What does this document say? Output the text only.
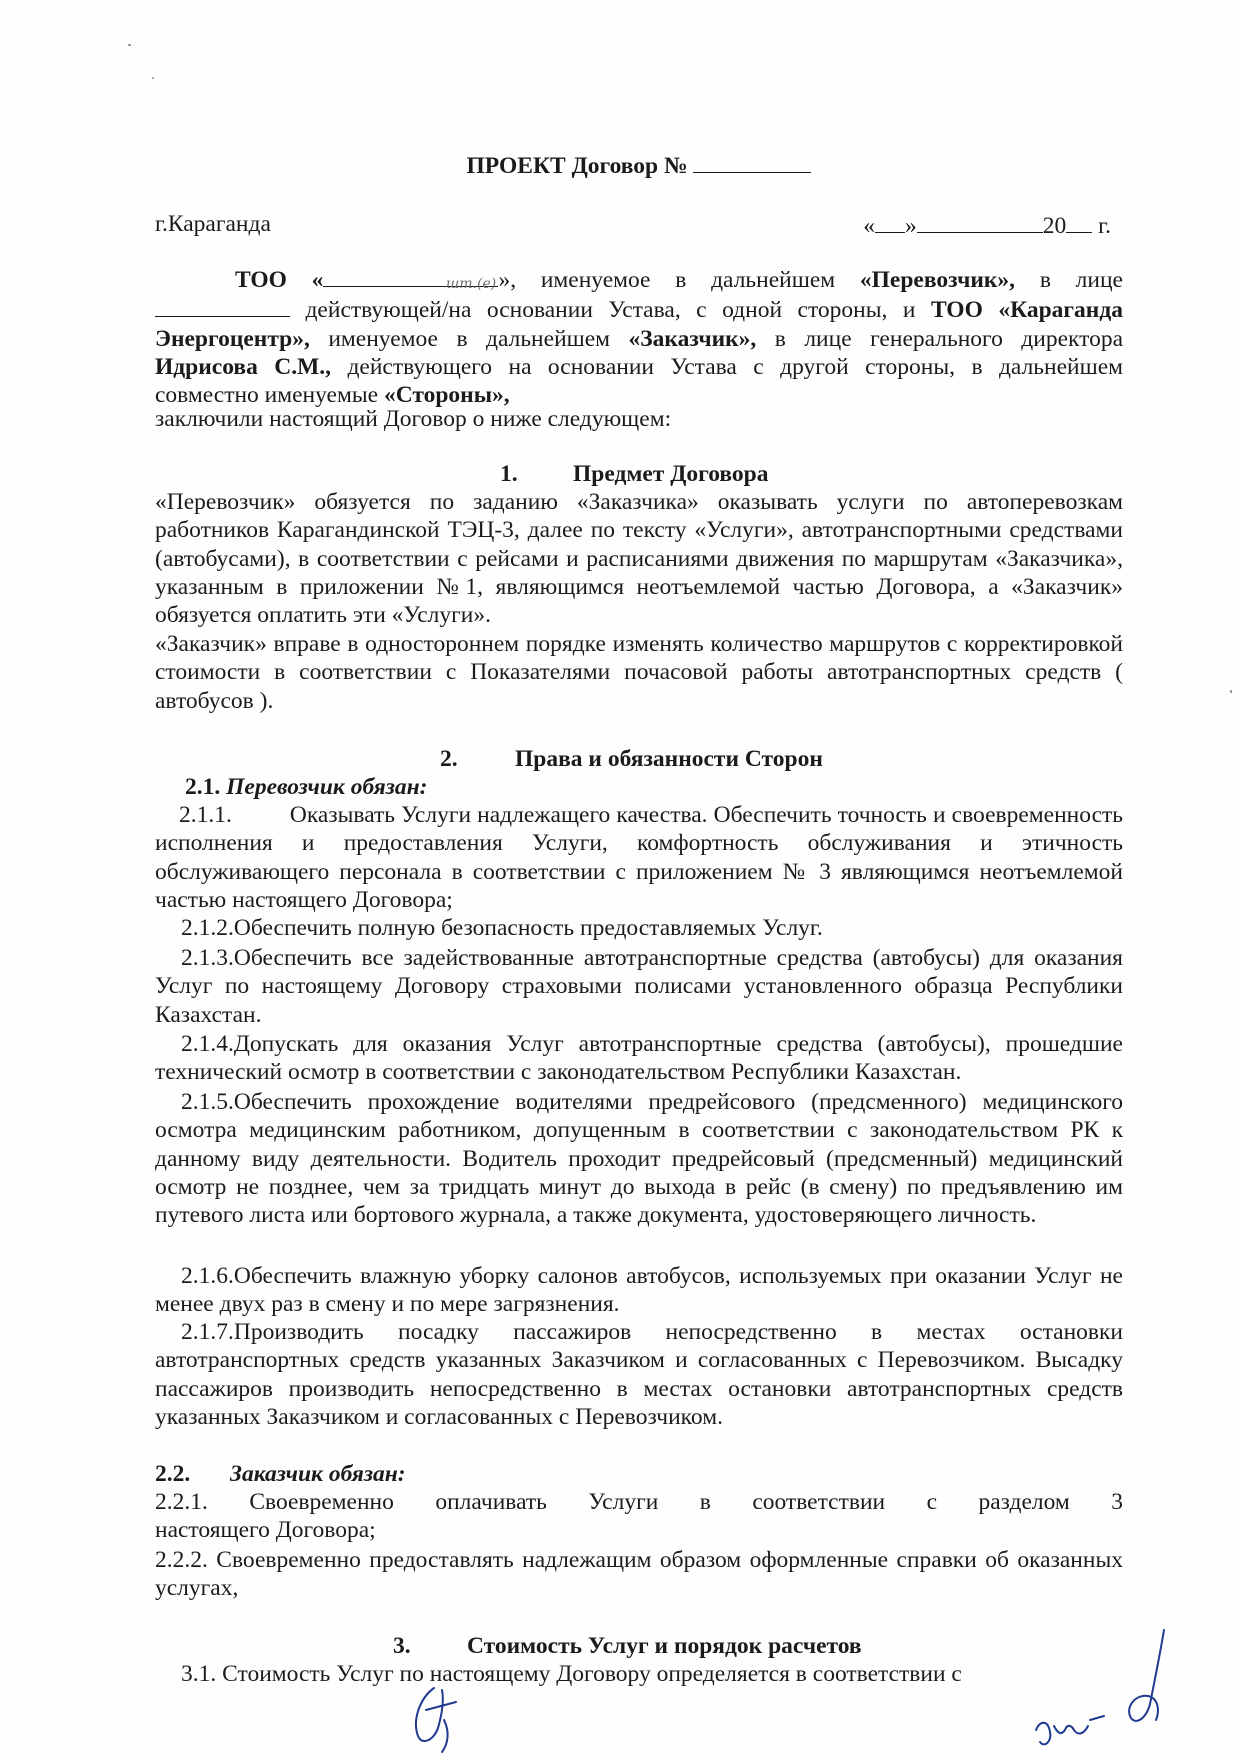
ПРОЕКТ Договор №
г.Караганда	« »	20 г.
ТОО «	», именуемое в дальнейшем «Перевозчик», в лице  действующей/на основании Устава, с одной стороны, и ТОО «Караганда Энергоцентр», именуемое в дальнейшем «Заказчик», в лице генерального директора Идрисова С.М., действующего на основании Устава с другой стороны, в дальнейшем совместно именуемые «Стороны»,
заключили настоящий Договор о ниже следующем:
шт.(е)
1. Предмет Договора
«Перевозчик» обязуется по заданию «Заказчика» оказывать услуги по автоперевозкам работников Карагандинской ТЭЦ-3, далее по тексту «Услуги», автотранспортными средствами (автобусами), в соответствии с рейсами и расписаниями движения по маршрутам «Заказчика», указанным в приложении №1, являющимся неотъемлемой частью Договора, а «Заказчик» обязуется оплатить эти «Услуги».
«Заказчик» вправе в одностороннем порядке изменять количество маршрутов с корректировкой стоимости в соответствии с Показателями почасовой работы автотранспортных средств ( автобусов ).
2. Права и обязанности Сторон
2.1. Перевозчик обязан:
2.1.1. Оказывать Услуги надлежащего качества. Обеспечить точность и своевременность исполнения и предоставления Услуги, комфортность обслуживания и этичность обслуживающего персонала в соответствии с приложением № 3 являющимся неотъемлемой частью настоящего Договора;
2.1.2.Обеспечить полную безопасность предоставляемых Услуг.
2.1.3.Обеспечить все задействованные автотранспортные средства (автобусы) для оказания Услуг по настоящему Договору страховыми полисами установленного образца Республики Казахстан.
2.1.4.Допускать для оказания Услуг автотранспортные средства (автобусы), прошедшие технический осмотр в соответствии с законодательством Республики Казахстан.
2.1.5.Обеспечить прохождение водителями предрейсового (предсменного) медицинского осмотра медицинским работником, допущенным в соответствии с законодательством РК к данному виду деятельности. Водитель проходит предрейсовый (предсменный) медицинский осмотр не позднее, чем за тридцать минут до выхода в рейс (в смену) по предъявлению им путевого листа или бортового журнала, а также документа, удостоверяющего личность.
2.1.6.Обеспечить влажную уборку салонов автобусов, используемых при оказании Услуг не менее двух раз в смену и по мере загрязнения.
2.1.7.Производить посадку пассажиров непосредственно в местах остановки автотранспортных средств указанных Заказчиком и согласованных с Перевозчиком. Высадку пассажиров производить непосредственно в местах остановки автотранспортных средств указанных Заказчиком и согласованных с Перевозчиком.
2.2. Заказчик обязан:
2.2.1. Своевременно оплачивать Услуги в соответствии с разделом 3
настоящего Договора;
2.2.2. Своевременно предоставлять надлежащим образом оформленные справки об оказанных услугах,
3. Стоимость Услуг и порядок расчетов
3.1. Стоимость Услуг по настоящему Договору определяется в соответствии с
